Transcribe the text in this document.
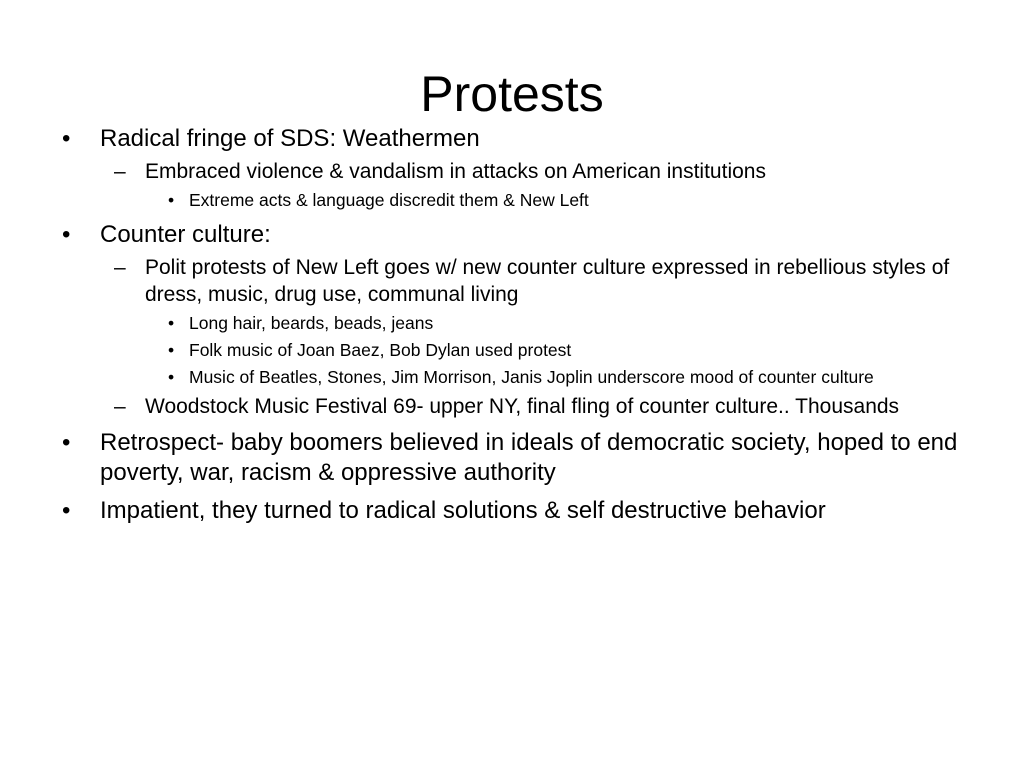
Protests
• Radical fringe of SDS: Weathermen
– Embraced violence & vandalism in attacks on American institutions
• Extreme acts & language discredit them & New Left
• Counter culture:
– Polit protests of New Left goes w/ new counter culture expressed in rebellious styles of dress, music, drug use, communal living
• Long hair, beards, beads, jeans
• Folk music of Joan Baez, Bob Dylan used protest
• Music of Beatles, Stones, Jim Morrison, Janis Joplin underscore mood of counter culture
– Woodstock Music Festival 69- upper NY, final fling of counter culture.. Thousands
• Retrospect- baby boomers believed in ideals of democratic society, hoped to end poverty, war, racism & oppressive authority
• Impatient, they turned to radical solutions & self destructive behavior
